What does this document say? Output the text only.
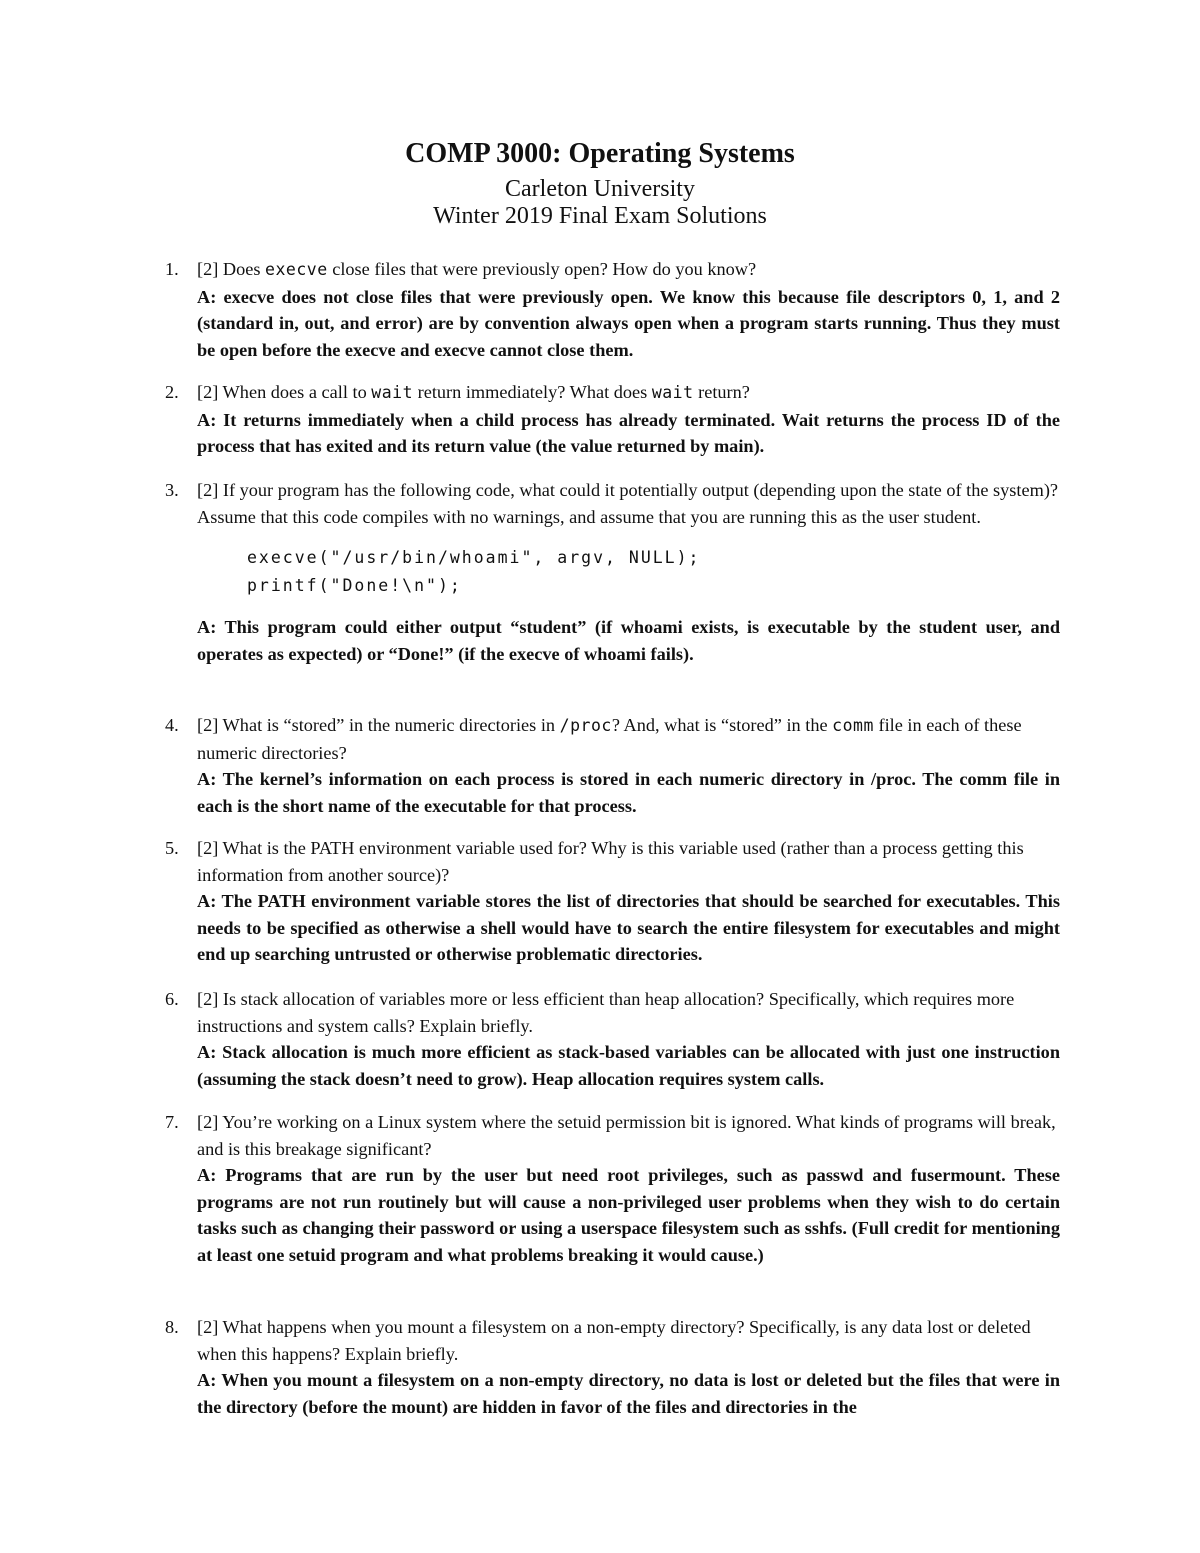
COMP 3000: Operating Systems
Carleton University
Winter 2019 Final Exam Solutions
1. [2] Does execve close files that were previously open? How do you know?

A: execve does not close files that were previously open. We know this because file descriptors 0, 1, and 2 (standard in, out, and error) are by convention always open when a program starts running. Thus they must be open before the execve and execve cannot close them.

2. [2] When does a call to wait return immediately? What does wait return?

A: It returns immediately when a child process has already terminated. Wait returns the process ID of the process that has exited and its return value (the value returned by main).

3. [2] If your program has the following code, what could it potentially output (depending upon the state of the system)? Assume that this code compiles with no warnings, and assume that you are running this as the user student.

execve("/usr/bin/whoami", argv, NULL);
printf("Done!\n");

A: This program could either output “student” (if whoami exists, is executable by the student user, and operates as expected) or “Done!” (if the execve of whoami fails).

4. [2] What is “stored” in the numeric directories in /proc? And, what is “stored” in the comm file in each of these numeric directories?

A: The kernel’s information on each process is stored in each numeric directory in /proc. The comm file in each is the short name of the executable for that process.

5. [2] What is the PATH environment variable used for? Why is this variable used (rather than a process getting this information from another source)?

A: The PATH environment variable stores the list of directories that should be searched for executables. This needs to be specified as otherwise a shell would have to search the entire filesystem for executables and might end up searching untrusted or otherwise problematic directories.

6. [2] Is stack allocation of variables more or less efficient than heap allocation? Specifically, which requires more instructions and system calls? Explain briefly.

A: Stack allocation is much more efficient as stack-based variables can be allocated with just one instruction (assuming the stack doesn’t need to grow). Heap allocation requires system calls.

7. [2] You’re working on a Linux system where the setuid permission bit is ignored. What kinds of programs will break, and is this breakage significant?

A: Programs that are run by the user but need root privileges, such as passwd and fusermount. These programs are not run routinely but will cause a non-privileged user problems when they wish to do certain tasks such as changing their password or using a userspace filesystem such as sshfs. (Full credit for mentioning at least one setuid program and what problems breaking it would cause.)

8. [2] What happens when you mount a filesystem on a non-empty directory? Specifically, is any data lost or deleted when this happens? Explain briefly.

A: When you mount a filesystem on a non-empty directory, no data is lost or deleted but the files that were in the directory (before the mount) are hidden in favor of the files and directories in the
